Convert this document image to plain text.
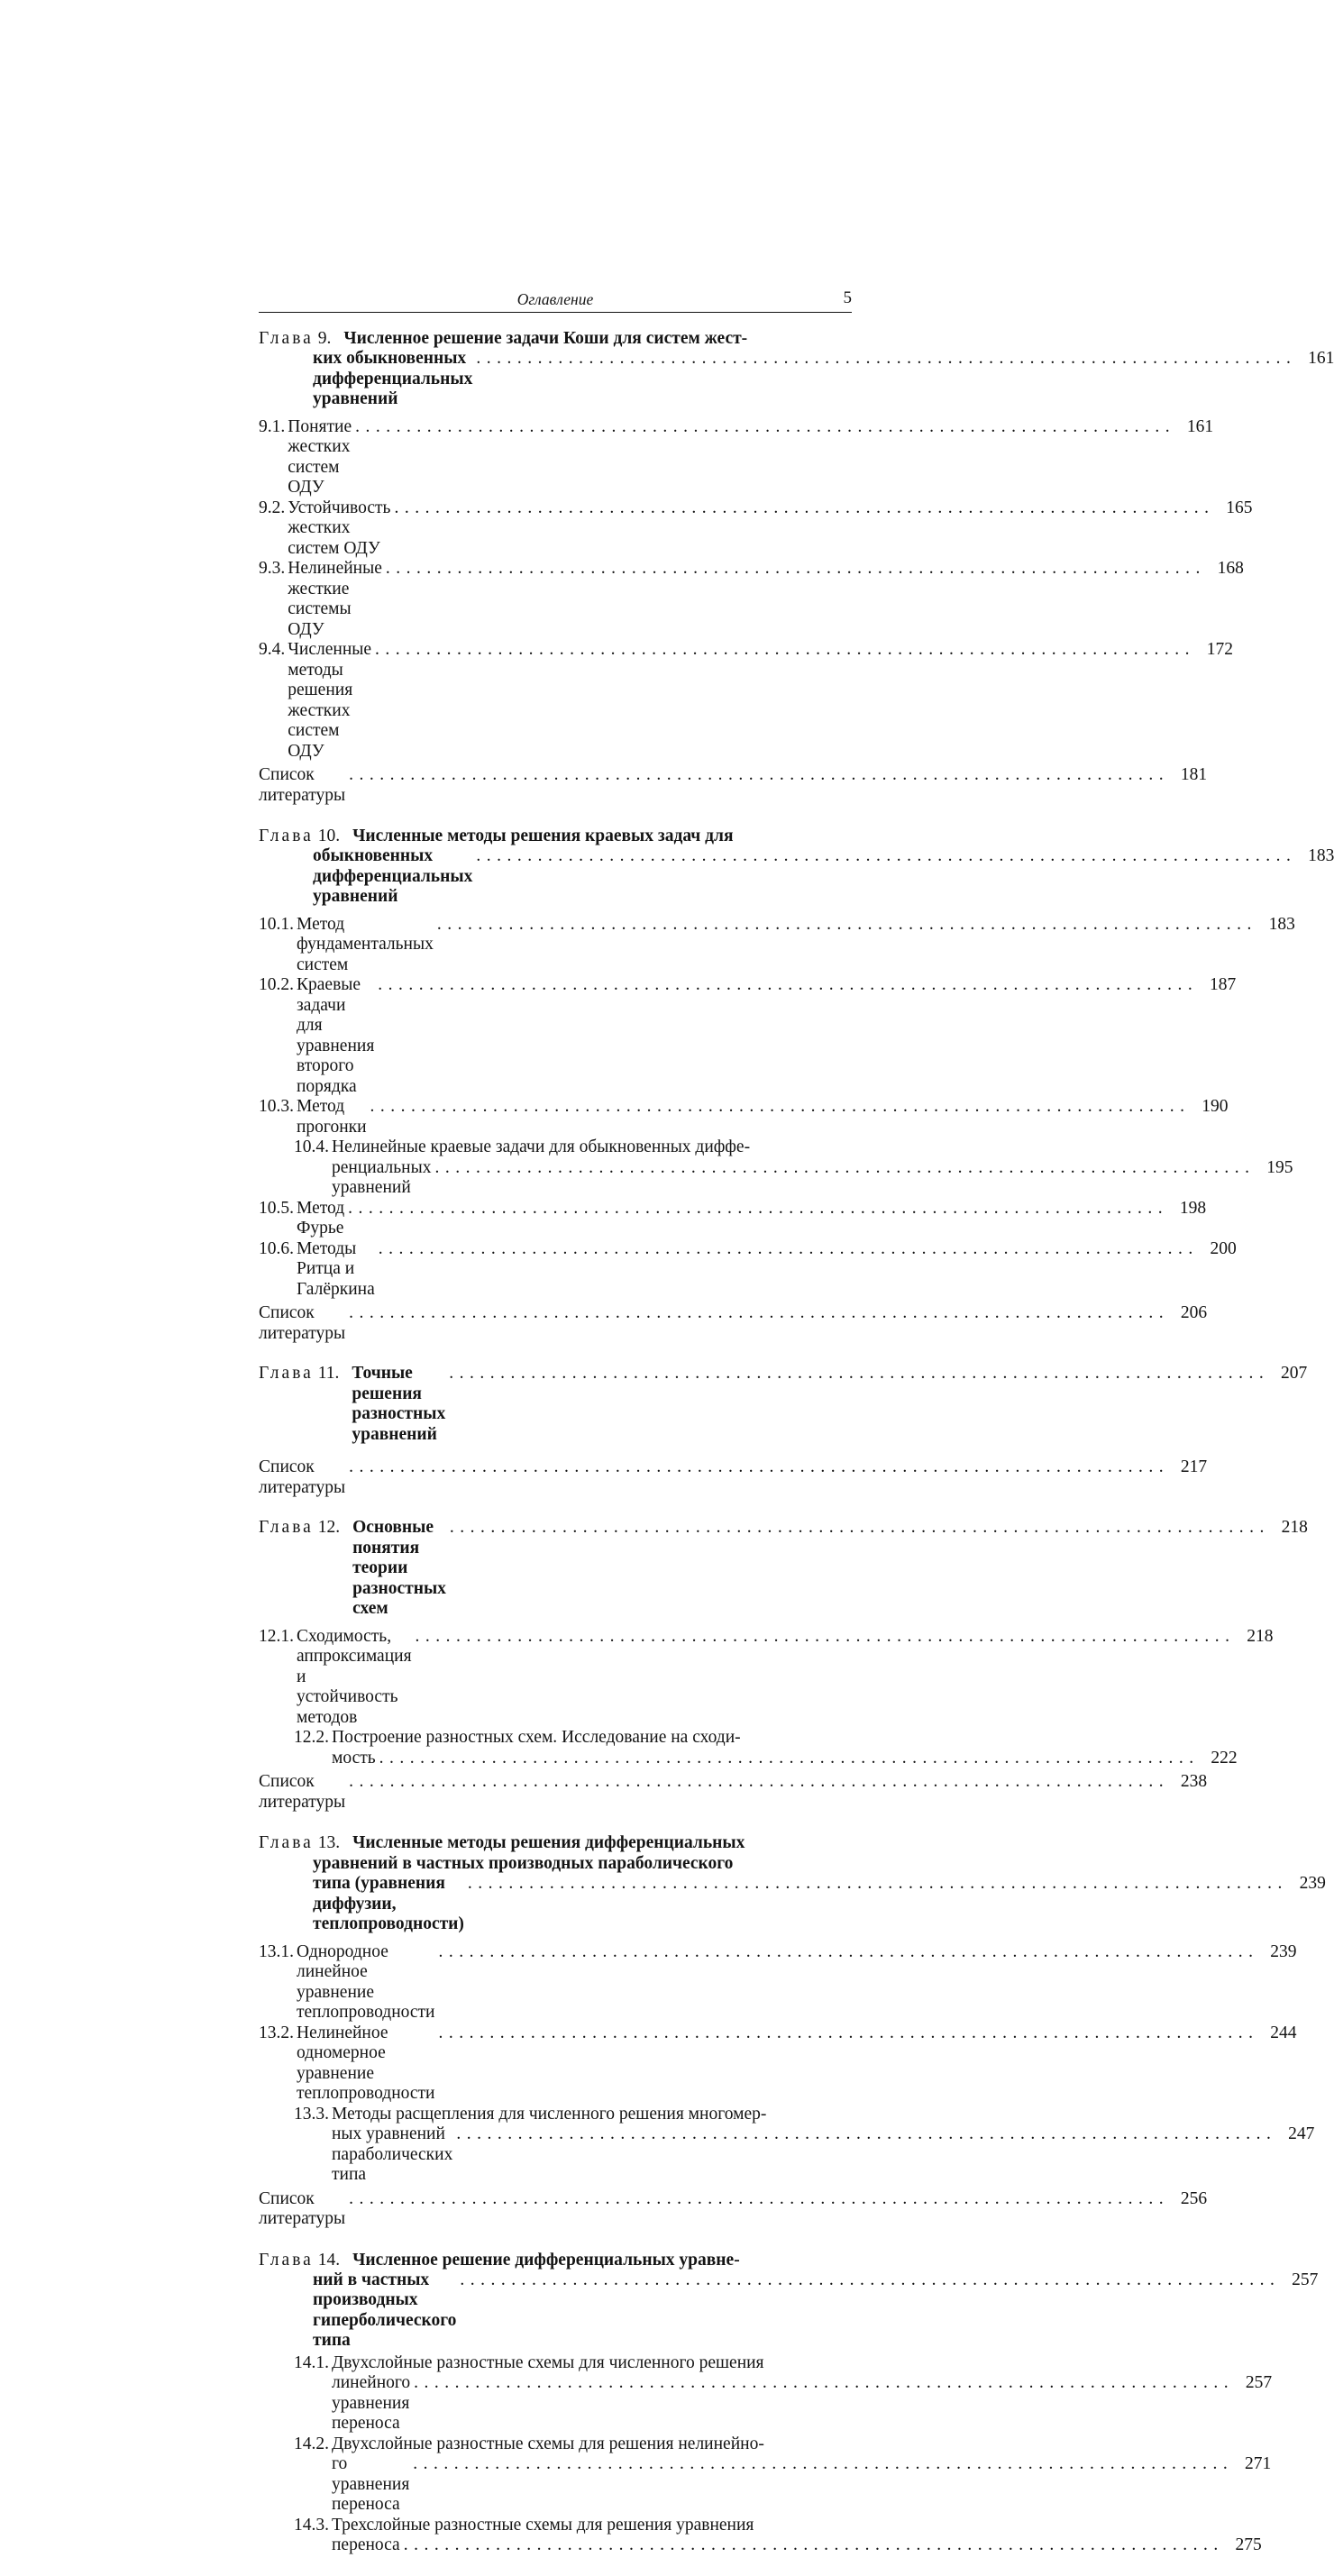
Оглавление	5
Глава 9. Численное решение задачи Коши для систем жест-
ких обыкновенных дифференциальных уравнений
................................................................................ 161
9.1. Понятие жестких систем ОДУ
................................................................................ 161
9.2. Устойчивость жестких систем ОДУ
................................................................................ 165
9.3. Нелинейные жесткие системы ОДУ
................................................................................ 168
9.4. Численные методы решения жестких систем ОДУ
................................................................................ 172
Список литературы
................................................................................ 181
Глава 10. Численные методы решения краевых задач для
обыкновенных дифференциальных уравнений
................................................................................ 183
10.1. Метод фундаментальных систем
................................................................................ 183
10.2. Краевые задачи для уравнения второго порядка
................................................................................ 187
10.3. Метод прогонки
................................................................................ 190
10.4. Нелинейные краевые задачи для обыкновенных диффе-
ренциальных уравнений
................................................................................ 195
10.5. Метод Фурье
................................................................................ 198
10.6. Методы Ритца и Галёркина
................................................................................ 200
Список литературы
................................................................................ 206
Глава 11. Точные решения разностных уравнений
................................................................................ 207
Список литературы
................................................................................ 217
Глава 12. Основные понятия теории разностных схем
................................................................................ 218
12.1. Сходимость, аппроксимация и устойчивость методов
................................................................................ 218
12.2. Построение разностных схем. Исследование на сходи-
мость ................................................................................ 222
Список литературы
................................................................................ 238
Глава 13. Численные методы решения дифференциальных
уравнений в частных производных параболического
типа (уравнения диффузии, теплопроводности)
................................................................................ 239
13.1. Однородное линейное уравнение теплопроводности
................................................................................ 239
13.2. Нелинейное одномерное уравнение теплопроводности
................................................................................ 244
13.3. Методы расщепления для численного решения многомер-
ных уравнений параболических типа
................................................................................ 247
Список литературы
................................................................................ 256
Глава 14. Численное решение дифференциальных уравне-
ний в частных производных гиперболического типа
................................................................................ 257
14.1. Двухслойные разностные схемы для численного решения
линейного уравнения переноса
................................................................................ 257
14.2. Двухслойные разностные схемы для решения нелинейно-
го уравнения переноса
................................................................................ 271
14.3. Трехслойные разностные схемы для решения уравнения
переноса ................................................................................ 275
